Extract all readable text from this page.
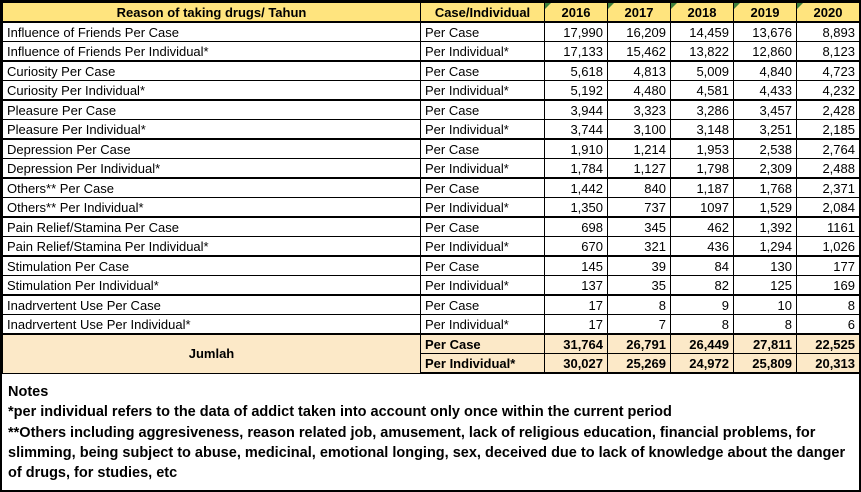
Reason of taking drugs/ Tahun	Case/Individual	2016	2017	2018	2019	2020
Influence of Friends Per Case	Per Case	17,990	16,209	14,459	13,676	8,893
Influence of Friends Per Individual*	Per Individual*	17,133	15,462	13,822	12,860	8,123
Curiosity Per Case	Per Case	5,618	4,813	5,009	4,840	4,723
Curiosity Per Individual*	Per Individual*	5,192	4,480	4,581	4,433	4,232
Pleasure Per Case	Per Case	3,944	3,323	3,286	3,457	2,428
Pleasure Per Individual*	Per Individual*	3,744	3,100	3,148	3,251	2,185
Depression Per Case	Per Case	1,910	1,214	1,953	2,538	2,764
Depression Per Individual*	Per Individual*	1,784	1,127	1,798	2,309	2,488
Others** Per Case	Per Case	1,442	840	1,187	1,768	2,371
Others** Per Individual*	Per Individual*	1,350	737	1097	1,529	2,084
Pain Relief/Stamina Per Case	Per Case	698	345	462	1,392	1161
Pain Relief/Stamina Per Individual*	Per Individual*	670	321	436	1,294	1,026
Stimulation Per Case	Per Case	145	39	84	130	177
Stimulation Per Individual*	Per Individual*	137	35	82	125	169
Inadrvertent Use Per Case	Per Case	17	8	9	10	8
Inadrvertent Use Per Individual*	Per Individual*	17	7	8	8	6
Jumlah	Per Case	31,764	26,791	26,449	27,811	22,525
	Per Individual*	30,027	25,269	24,972	25,809	20,313

Notes

*per individual refers to the data of addict taken into account only once within the current period

**Others including aggresiveness, reason related job, amusement, lack of religious education, financial problems, for slimming, being subject to abuse, medicinal, emotional longing, sex, deceived due to lack of knowledge about the danger of drugs, for studies, etc
